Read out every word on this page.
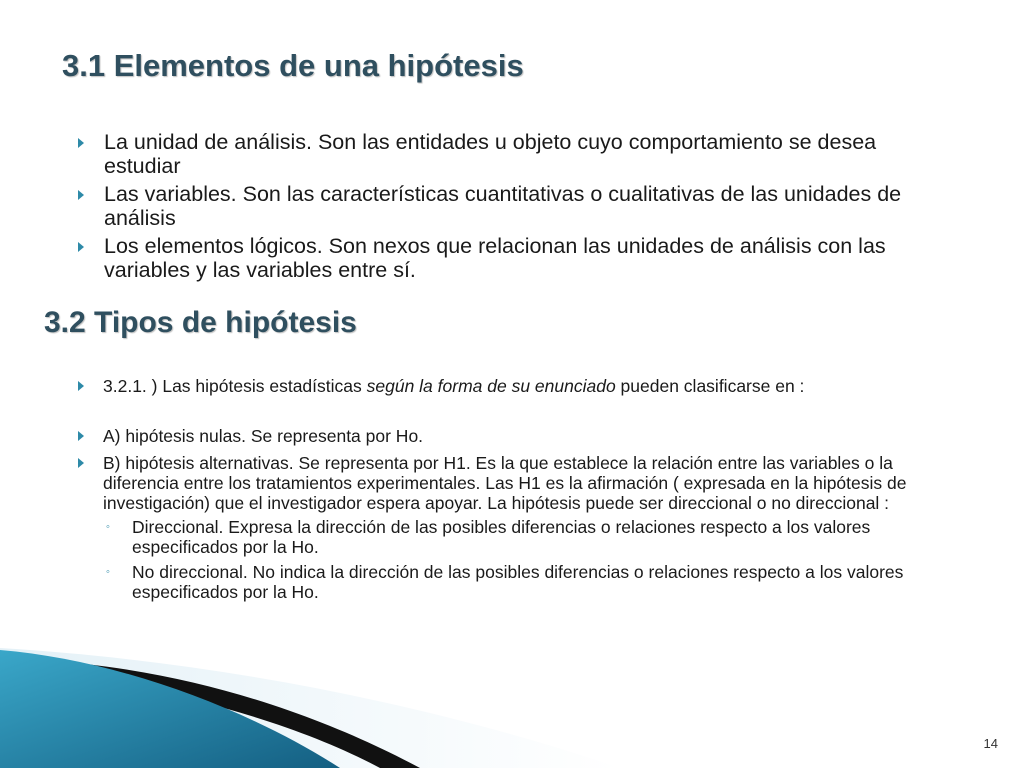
3.1 Elementos de una hipótesis
La unidad de análisis. Son las entidades u objeto cuyo comportamiento se desea estudiar
Las variables. Son las características cuantitativas o cualitativas de las unidades de análisis
Los elementos lógicos. Son nexos que relacionan las unidades de análisis con las variables y las variables entre sí.
3.2 Tipos de hipótesis
3.2.1. ) Las hipótesis estadísticas según la forma de su enunciado pueden clasificarse en :
A) hipótesis nulas. Se representa por Ho.
B) hipótesis alternativas. Se representa por H1. Es la que establece la relación entre las variables o la diferencia entre los tratamientos experimentales. Las H1 es la afirmación ( expresada en la hipótesis de investigación) que el investigador espera apoyar. La hipótesis puede ser direccional o no direccional :
◦ Direccional. Expresa la dirección de las posibles diferencias o relaciones respecto a los valores especificados por la Ho.
◦ No direccional. No indica la dirección de las posibles diferencias o relaciones respecto a los valores especificados por la Ho.
14
